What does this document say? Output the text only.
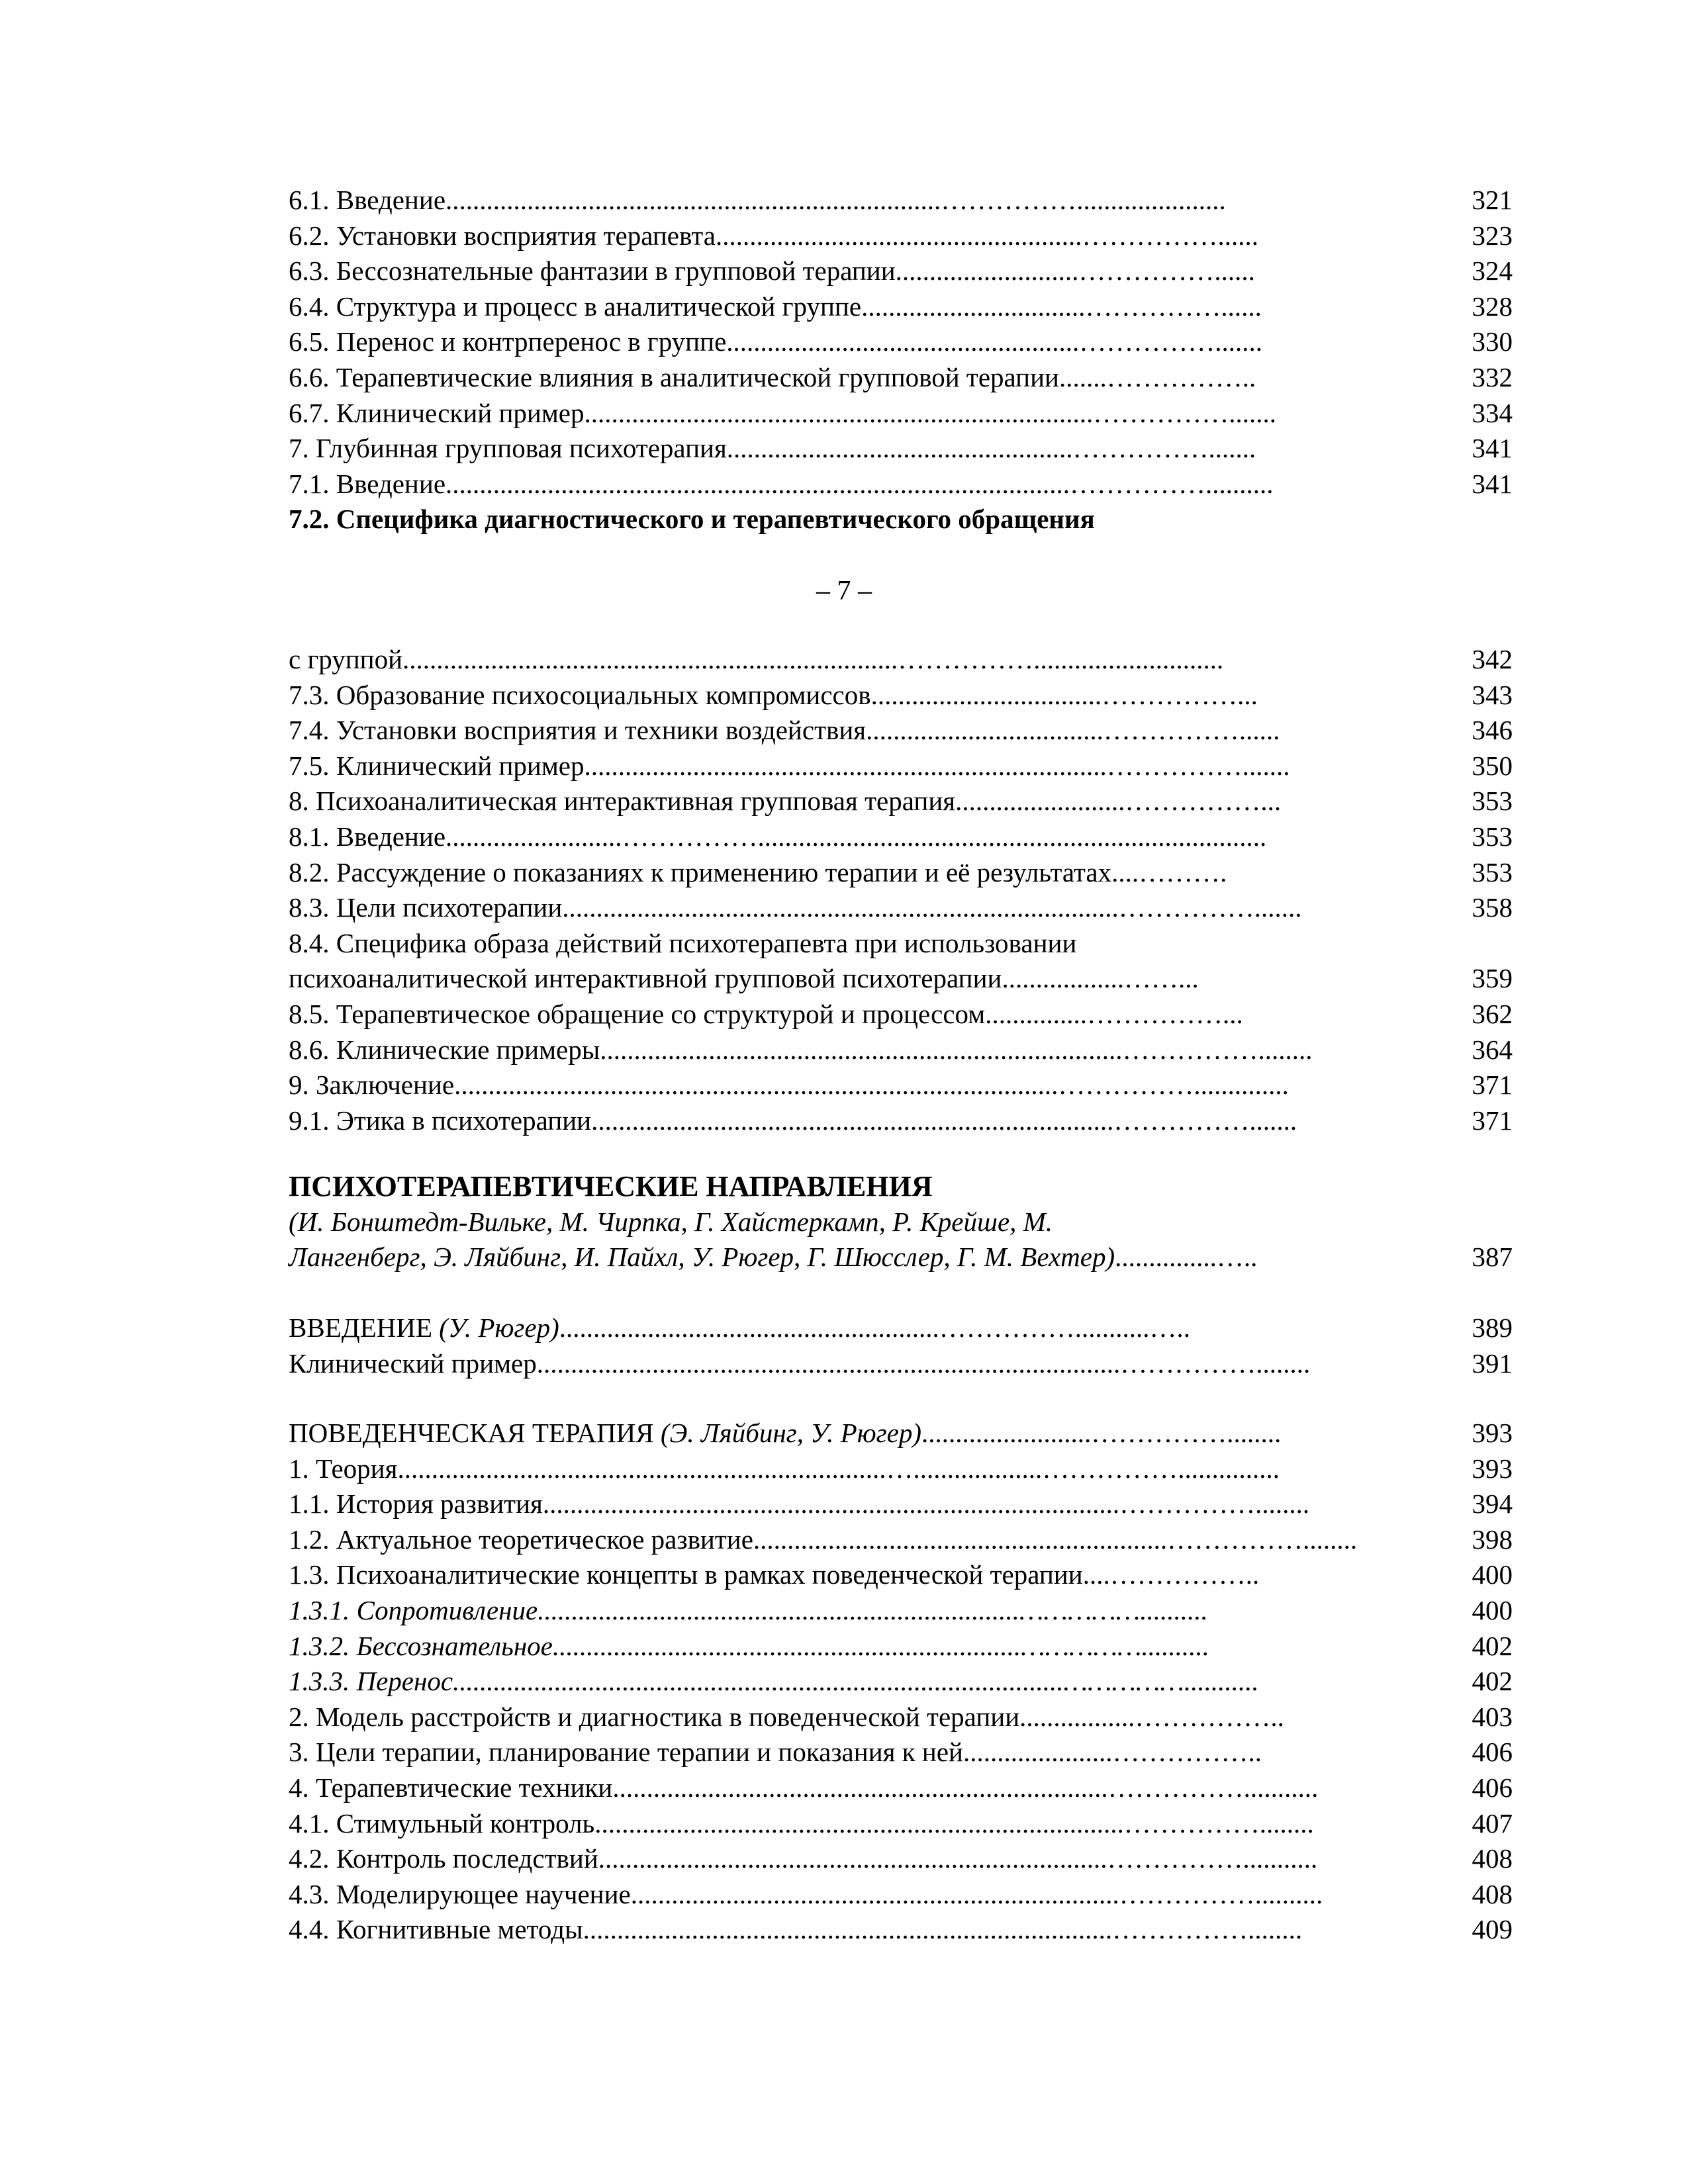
6.1. Введение.........................................................................……………......................	321
6.2. Установки восприятия терапевта......................................................……………......	323
6.3. Бессознательные фантазии в групповой терапии...........................……………......	324
6.4. Структура и процесс в аналитической группе.................................……………......	328
6.5. Перенос и контрперенос в группе....................................................…………….......	330
6.6. Терапевтические влияния в аналитической групповой терапии.......……………..	332
6.7. Клинический пример...........................................................................…………….......	334
7. Глубинная групповая психотерапия...................................................…………….......	341
7.1. Введение............................................................................................……………..........	341
7.2. Специфика диагностического и терапевтического обращения
– 7 –
с группой.........................................................................……………............................	342
7.3. Образование психосоциальных компромиссов..................................……………...	343
7.4. Установки восприятия и техники воздействия...................................……………......	346
7.5. Клинический пример.............................................................................…………….......	350
8. Психоаналитическая интерактивная групповая терапия.........................……………...	353
8.1. Введение..........................……………...........................................................................	353
8.2. Рассуждение о показаниях к применению терапии и её результатах....……….	353
8.3. Цели психотерапии..................................................................................…………….......	358
8.4. Специфика образа действий психотерапевта при использовании
психоаналитической интерактивной групповой психотерапии..................……...	359
8.5. Терапевтическое обращение со структурой и процессом...............……………...	362
8.6. Клинические примеры.............................................................................……………........	364
9. Заключение.........................................................................................……………..............	371
9.1. Этика в психотерапии.............................................................................…………….......	371
ПСИХОТЕРАПЕВТИЧЕСКИЕ НАПРАВЛЕНИЯ
(И. Бонштедт-Вильке, М. Чирпка, Г. Хайстеркамп, Р. Крейше, М.
Лангенберг, Э. Ляйбинг, И. Пайхл, У. Рюгер, Г. Шюсслер, Г. М. Вехтер)...............…..	387
ВВЕДЕНИЕ (У. Рюгер)........................................................……………...........…..	389
Клинический пример......................................................................................……………........	391
ПОВЕДЕНЧЕСКАЯ ТЕРАПИЯ (Э. Ляйбинг, У. Рюгер).........................……………........	393
1. Теория........................................................................…...................……………...............	393
1.1. История развития.....................................................................................……………........	394
1.2. Актуальное теоретическое развитие.............................................................……………........	398
1.3. Психоаналитические концепты в рамках поведенческой терапии....……………..	400
1.3.1. Сопротивление.......................................................................……………..........	400
1.3.2. Бессознательное.....................................................................……………..........	402
1.3.3. Перенос..........................................................................................……………...........	402
2. Модель расстройств и диагностика в поведенческой терапии.................……………..	403
3. Цели терапии, планирование терапии и показания к ней......................……………..	406
4. Терапевтические техники.........................................................................……………...........	406
4.1. Стимульный контроль..............................................................................……………........	407
4.2. Контроль последствий...........................................................................……………...........	408
4.3. Моделирующее научение........................................................................……………..........	408
4.4. Когнитивные методы..............................................................................……………........	409
